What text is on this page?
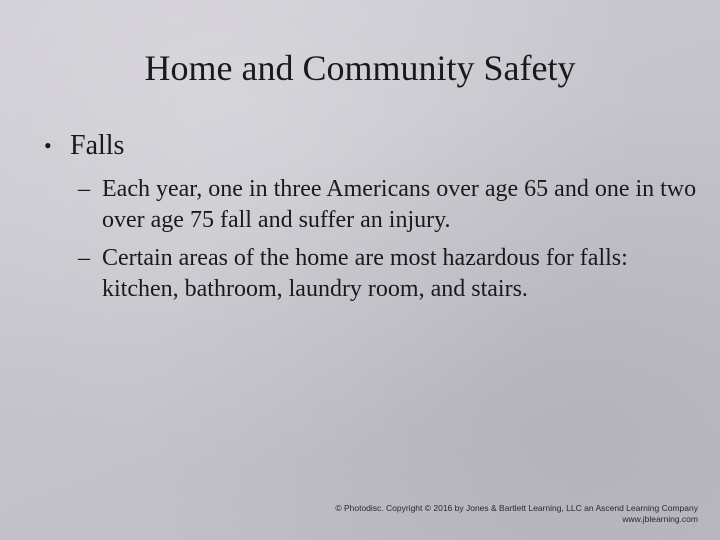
Home and Community Safety
• Falls
– Each year, one in three Americans over age 65 and one in two over age 75 fall and suffer an injury.
– Certain areas of the home are most hazardous for falls: kitchen, bathroom, laundry room, and stairs.
© Photodisc. Copyright © 2016 by Jones & Bartlett Learning, LLC an Ascend Learning Company
www.jblearning.com
